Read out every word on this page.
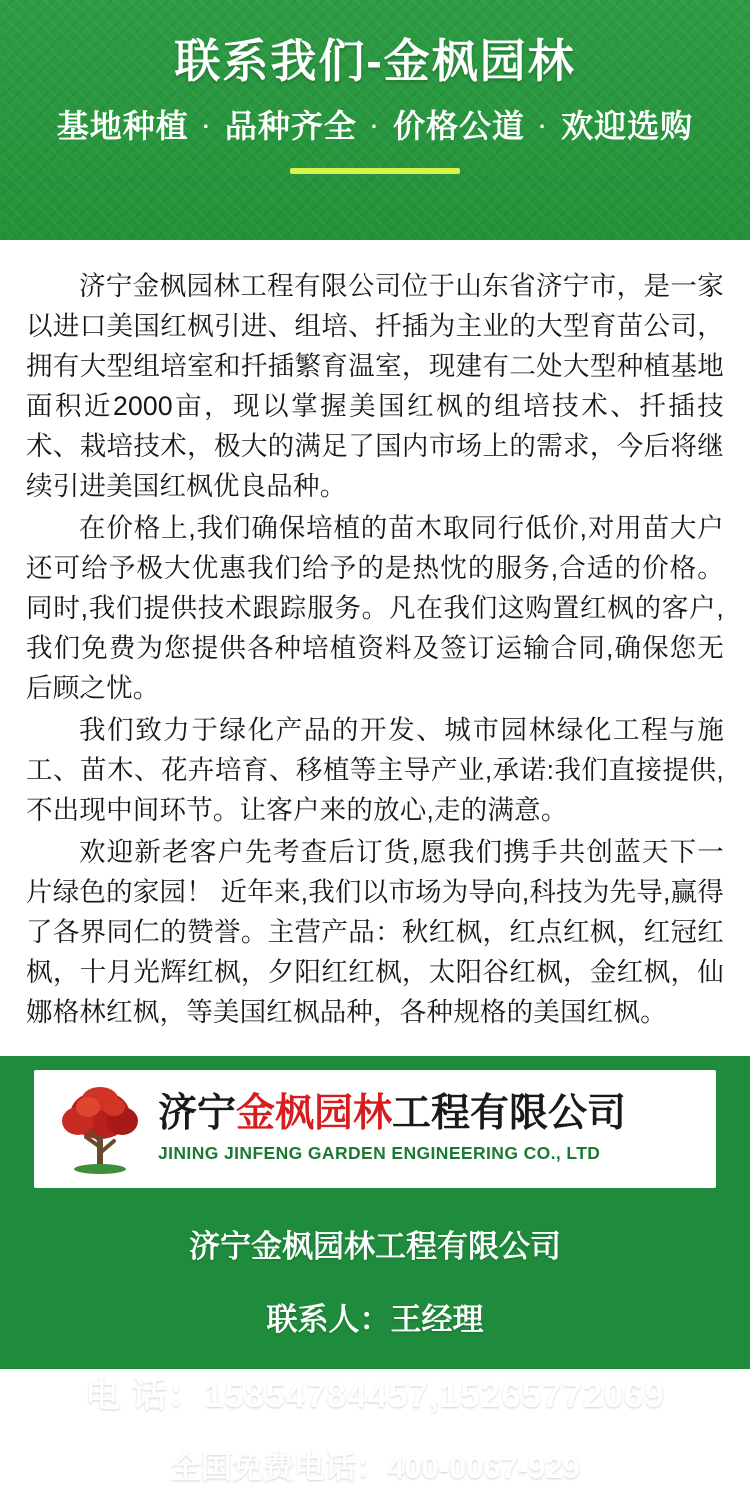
联系我们-金枫园林
基地种植 · 品种齐全 · 价格公道 · 欢迎选购

济宁金枫园林工程有限公司位于山东省济宁市，是一家以进口美国红枫引进、组培、扦插为主业的大型育苗公司，拥有大型组培室和扦插繁育温室，现建有二处大型种植基地面积近2000亩，现以掌握美国红枫的组培技术、扦插技术、栽培技术，极大的满足了国内市场上的需求，今后将继续引进美国红枫优良品种。

在价格上,我们确保培植的苗木取同行低价,对用苗大户还可给予极大优惠我们给予的是热忱的服务,合适的价格。同时,我们提供技术跟踪服务。凡在我们这购置红枫的客户,我们免费为您提供各种培植资料及签订运输合同,确保您无后顾之忧。

我们致力于绿化产品的开发、城市园林绿化工程与施工、苗木、花卉培育、移植等主导产业,承诺:我们直接提供,不出现中间环节。让客户来的放心,走的满意。

欢迎新老客户先考查后订货,愿我们携手共创蓝天下一片绿色的家园！ 近年来,我们以市场为导向,科技为先导,赢得了各界同仁的赞誉。主营产品：秋红枫，红点红枫，红冠红枫，十月光辉红枫，夕阳红红枫，太阳谷红枫，金红枫，仙娜格林红枫，等美国红枫品种，各种规格的美国红枫。

济宁金枫园林工程有限公司
JINING JINFENG GARDEN ENGINEERING CO., LTD
济宁金枫园林工程有限公司
联系人：王经理
电 话：15854784457,15265772069
全国免费电话：400-0067-929
